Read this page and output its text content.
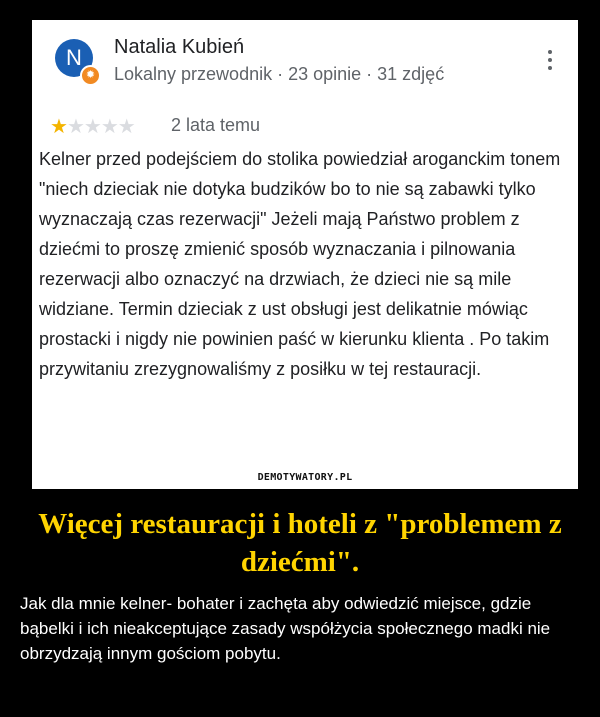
N
✹
Natalia Kubień
Lokalny przewodnik · 23 opinie · 31 zdjęć
★★★★★ 2 lata temu

Kelner przed podejściem do stolika powiedział aroganckim tonem "niech dzieciak nie dotyka budzików bo to nie są zabawki tylko wyznaczają czas rezerwacji" Jeżeli mają Państwo problem z dziećmi to proszę zmienić sposób wyznaczania i pilnowania rezerwacji albo oznaczyć na drzwiach, że dzieci nie są mile widziane. Termin dzieciak z ust obsługi jest delikatnie mówiąc prostacki i nigdy nie powinien paść w kierunku klienta . Po takim przywitaniu zrezygnowaliśmy z posiłku w tej restauracji.

DEMOTYWATORY.PL
Więcej restauracji i hoteli z "problemem z dziećmi".

Jak dla mnie kelner- bohater i zachęta aby odwiedzić miejsce, gdzie bąbelki i ich nieakceptujące zasady współżycia społecznego madki nie obrzydzają innym gościom pobytu.
